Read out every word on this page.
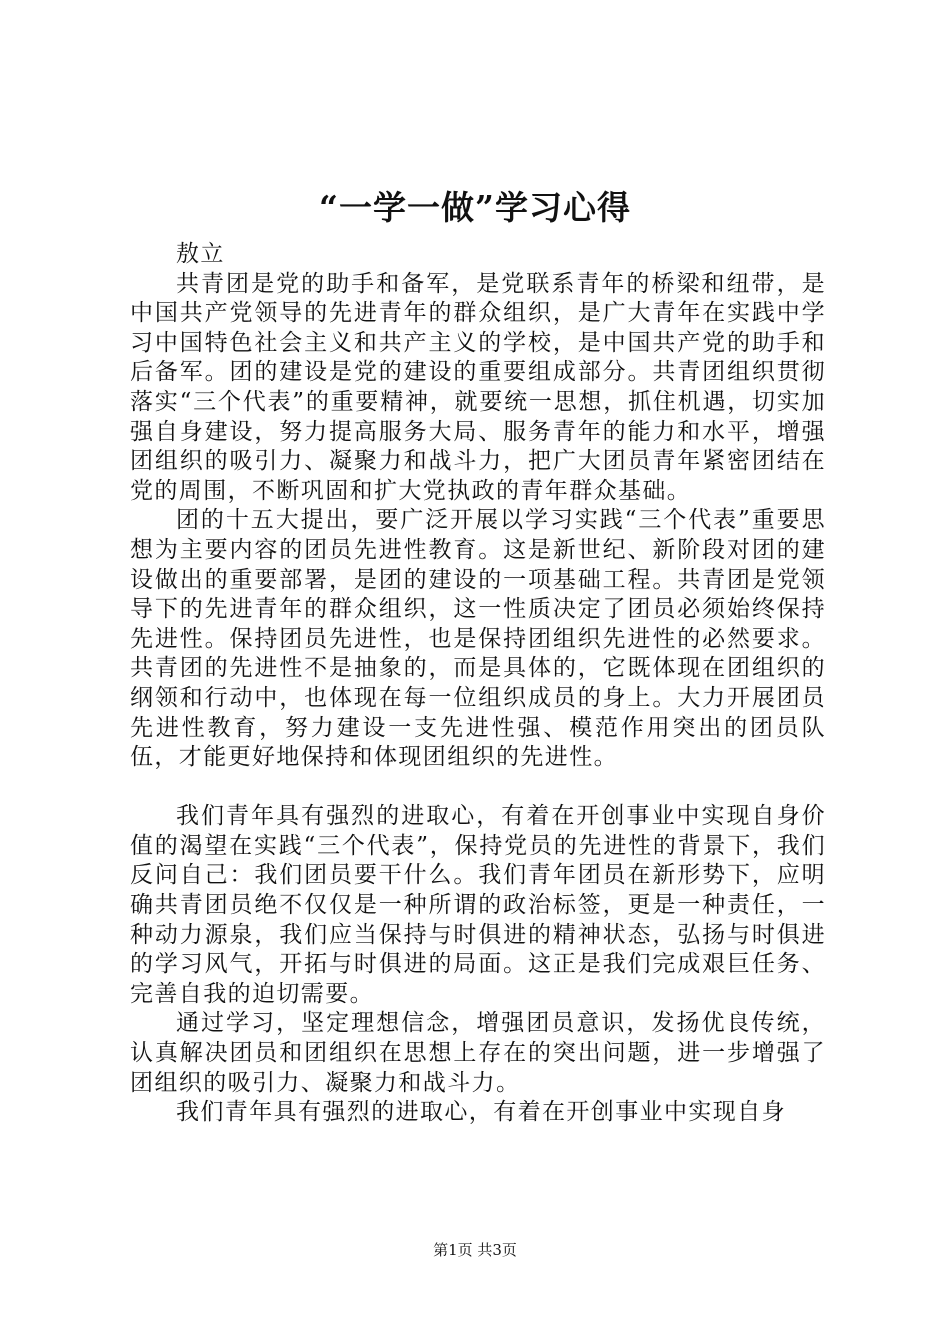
“一学一做”学习心得

敖立

共青团是党的助手和备军，是党联系青年的桥梁和纽带，是中国共产党领导的先进青年的群众组织，是广大青年在实践中学习中国特色社会主义和共产主义的学校，是中国共产党的助手和后备军。团的建设是党的建设的重要组成部分。共青团组织贯彻落实“三个代表”的重要精神，就要统一思想，抓住机遇，切实加强自身建设，努力提高服务大局、服务青年的能力和水平，增强团组织的吸引力、凝聚力和战斗力，把广大团员青年紧密团结在党的周围，不断巩固和扩大党执政的青年群众基础。

团的十五大提出，要广泛开展以学习实践“三个代表”重要思想为主要内容的团员先进性教育。这是新世纪、新阶段对团的建设做出的重要部署，是团的建设的一项基础工程。共青团是党领导下的先进青年的群众组织，这一性质决定了团员必须始终保持先进性。保持团员先进性，也是保持团组织先进性的必然要求。共青团的先进性不是抽象的，而是具体的，它既体现在团组织的纲领和行动中，也体现在每一位组织成员的身上。大力开展团员先进性教育，努力建设一支先进性强、模范作用突出的团员队伍，才能更好地保持和体现团组织的先进性。

我们青年具有强烈的进取心，有着在开创事业中实现自身价值的渴望在实践“三个代表”，保持党员的先进性的背景下，我们反问自己：我们团员要干什么。我们青年团员在新形势下，应明确共青团员绝不仅仅是一种所谓的政治标签，更是一种责任，一种动力源泉，我们应当保持与时俱进的精神状态，弘扬与时俱进的学习风气，开拓与时俱进的局面。这正是我们完成艰巨任务、完善自我的迫切需要。

通过学习，坚定理想信念，增强团员意识，发扬优良传统，认真解决团员和团组织在思想上存在的突出问题，进一步增强了团组织的吸引力、凝聚力和战斗力。

我们青年具有强烈的进取心，有着在开创事业中实现自身

第1页 共3页
